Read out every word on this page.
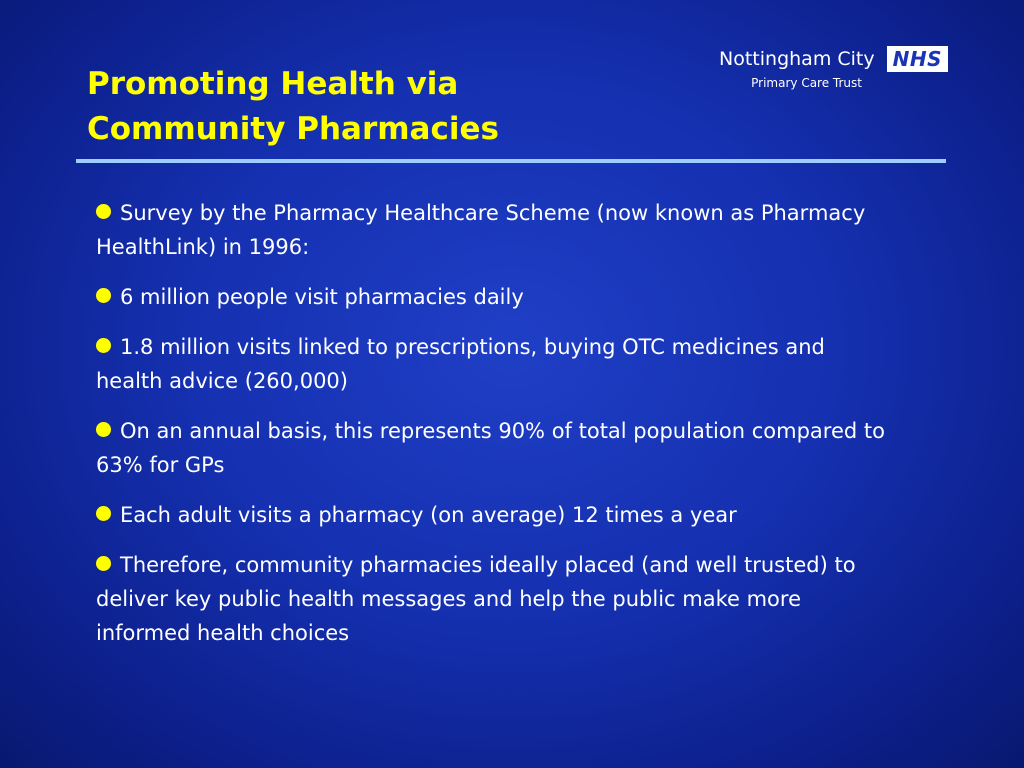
Promoting Health via
Community Pharmacies
Nottingham City NHS
Primary Care Trust
Survey by the Pharmacy Healthcare Scheme (now known as Pharmacy HealthLink) in 1996:
6 million people visit pharmacies daily
1.8 million visits linked to prescriptions, buying OTC medicines and health advice (260,000)
On an annual basis, this represents 90% of total population compared to 63% for GPs
Each adult visits a pharmacy (on average) 12 times a year
Therefore, community pharmacies ideally placed (and well trusted) to deliver key public health messages and help the public make more informed health choices
